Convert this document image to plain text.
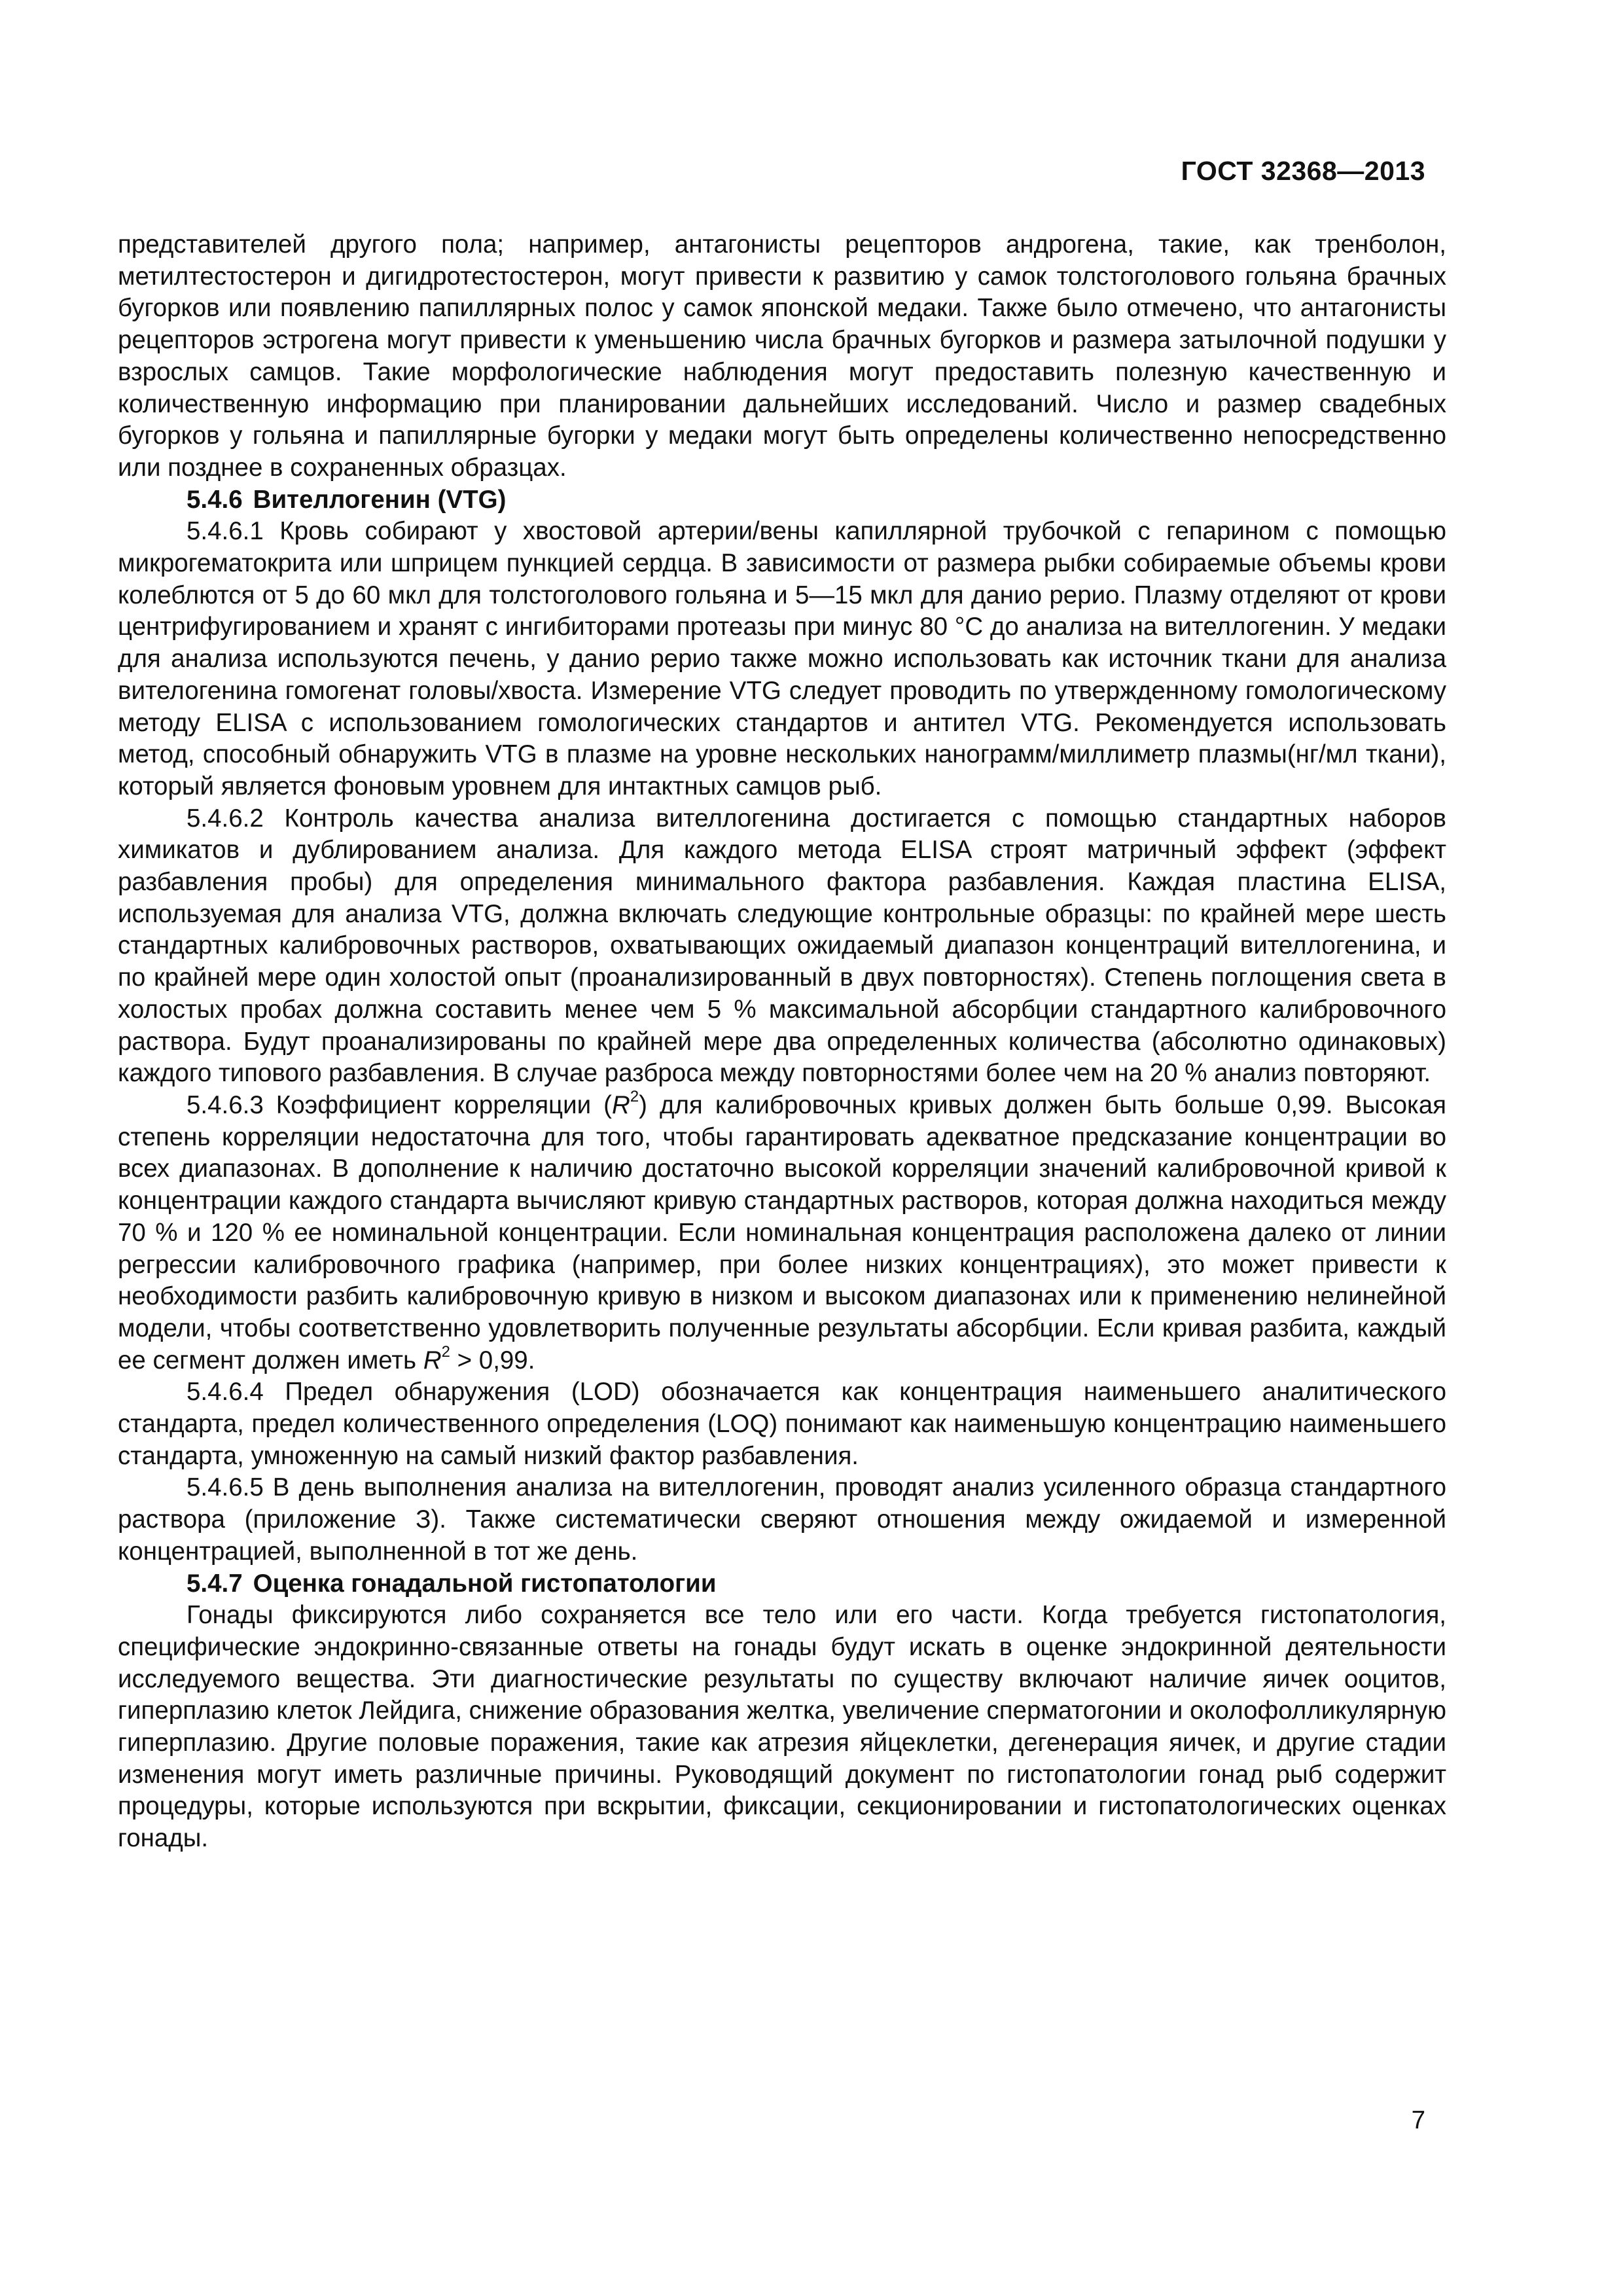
ГОСТ 32368—2013

представителей другого пола; например, антагонисты рецепторов андрогена, такие, как тренболон, метилтестостерон и дигидротестостерон, могут привести к развитию у самок толстоголового гольяна брачных бугорков или появлению папиллярных полос у самок японской медаки. Также было отмечено, что антагонисты рецепторов эстрогена могут привести к уменьшению числа брачных бугорков и размера затылочной подушки у взрослых самцов. Такие морфологические наблюдения могут предоставить полезную качественную и количественную информацию при планировании дальнейших исследований. Число и размер свадебных бугорков у гольяна и папиллярные бугорки у медаки могут быть определены количественно непосредственно или позднее в сохраненных образцах.

5.4.6 Вителлогенин (VTG)

5.4.6.1 Кровь собирают у хвостовой артерии/вены капиллярной трубочкой с гепарином с помощью микрогематокрита или шприцем пункцией сердца. В зависимости от размера рыбки собираемые объемы крови колеблются от 5 до 60 мкл для толстоголового гольяна и 5—15 мкл для данио рерио. Плазму отделяют от крови центрифугированием и хранят с ингибиторами протеазы при минус 80 °С до анализа на вителлогенин. У медаки для анализа используются печень, у данио рерио также можно использовать как источник ткани для анализа вителогенина гомогенат головы/хвоста. Измерение VTG следует проводить по утвержденному гомологическому методу ELISA с использованием гомологических стандартов и антител VTG. Рекомендуется использовать метод, способный обнаружить VTG в плазме на уровне нескольких нанограмм/миллиметр плазмы(нг/мл ткани), который является фоновым уровнем для интактных самцов рыб.

5.4.6.2 Контроль качества анализа вителлогенина достигается с помощью стандартных наборов химикатов и дублированием анализа. Для каждого метода ELISA строят матричный эффект (эффект разбавления пробы) для определения минимального фактора разбавления. Каждая пластина ELISA, используемая для анализа VTG, должна включать следующие контрольные образцы: по крайней мере шесть стандартных калибровочных растворов, охватывающих ожидаемый диапазон концентраций вителлогенина, и по крайней мере один холостой опыт (проанализированный в двух повторностях). Степень поглощения света в холостых пробах должна составить менее чем 5 % максимальной абсорбции стандартного калибровочного раствора. Будут проанализированы по крайней мере два определенных количества (абсолютно одинаковых) каждого типового разбавления. В случае разброса между повторностями более чем на 20 % анализ повторяют.

5.4.6.3 Коэффициент корреляции $(R^2)$ для калибровочных кривых должен быть больше 0,99. Высокая степень корреляции недостаточна для того, чтобы гарантировать адекватное предсказание концентрации во всех диапазонах. В дополнение к наличию достаточно высокой корреляции значений калибровочной кривой к концентрации каждого стандарта вычисляют кривую стандартных растворов, которая должна находиться между 70 % и 120 % ее номинальной концентрации. Если номинальная концентрация расположена далеко от линии регрессии калибровочного графика (например, при более низких концентрациях), это может привести к необходимости разбить калибровочную кривую в низком и высоком диапазонах или к применению нелинейной модели, чтобы соответственно удовлетворить полученные результаты абсорбции. Если кривая разбита, каждый ее сегмент должен иметь $R^2 > 0,99$.

5.4.6.4 Предел обнаружения (LOD) обозначается как концентрация наименьшего аналитического стандарта, предел количественного определения (LOQ) понимают как наименьшую концентрацию наименьшего стандарта, умноженную на самый низкий фактор разбавления.

5.4.6.5 В день выполнения анализа на вителлогенин, проводят анализ усиленного образца стандартного раствора (приложение З). Также систематически сверяют отношения между ожидаемой и измеренной концентрацией, выполненной в тот же день.

5.4.7 Оценка гонадальной гистопатологии

Гонады фиксируются либо сохраняется все тело или его части. Когда требуется гистопатология, специфические эндокринно-связанные ответы на гонады будут искать в оценке эндокринной деятельности исследуемого вещества. Эти диагностические результаты по существу включают наличие яичек ооцитов, гиперплазию клеток Лейдига, снижение образования желтка, увеличение сперматогонии и околофолликулярную гиперплазию. Другие половые поражения, такие как атрезия яйцеклетки, дегенерация яичек, и другие стадии изменения могут иметь различные причины. Руководящий документ по гистопатологии гонад рыб содержит процедуры, которые используются при вскрытии, фиксации, секционировании и гистопатологических оценках гонады.

7
